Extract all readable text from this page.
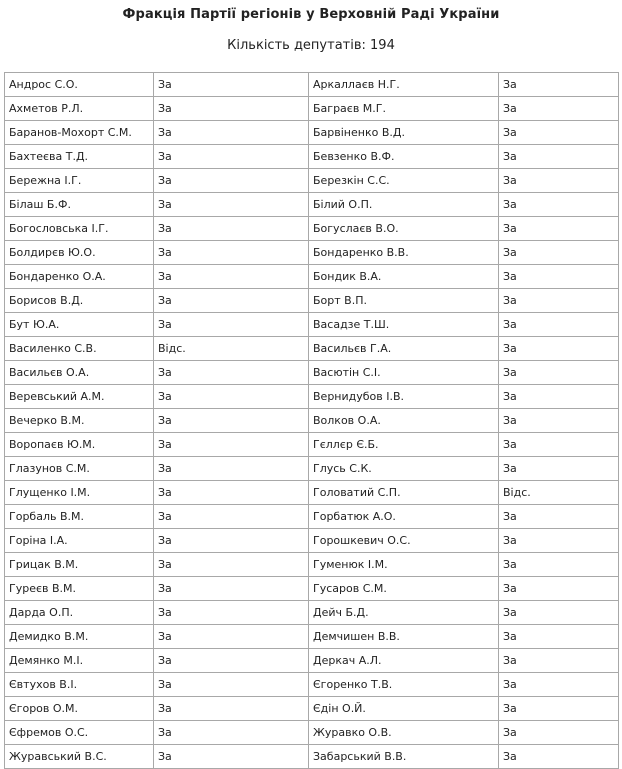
Фракція Партії регіонів у Верховній Раді України
Кількість депутатів: 194
Андрос С.О.	За	Аркаллаєв Н.Г.	За
Ахметов Р.Л.	За	Баграєв М.Г.	За
Баранов-Мохорт С.М.	За	Барвіненко В.Д.	За
Бахтеєва Т.Д.	За	Бевзенко В.Ф.	За
Бережна І.Г.	За	Березкін С.С.	За
Білаш Б.Ф.	За	Білий О.П.	За
Богословська І.Г.	За	Богуслаєв В.О.	За
Болдирєв Ю.О.	За	Бондаренко В.В.	За
Бондаренко О.А.	За	Бондик В.А.	За
Борисов В.Д.	За	Борт В.П.	За
Бут Ю.А.	За	Васадзе Т.Ш.	За
Василенко С.В.	Відс.	Васильєв Г.А.	За
Васильєв О.А.	За	Васютін С.І.	За
Веревський А.М.	За	Вернидубов І.В.	За
Вечерко В.М.	За	Волков О.А.	За
Воропаєв Ю.М.	За	Гєллєр Є.Б.	За
Глазунов С.М.	За	Глусь С.К.	За
Глущенко І.М.	За	Головатий С.П.	Відс.
Горбаль В.М.	За	Горбатюк А.О.	За
Горіна І.А.	За	Горошкевич О.С.	За
Грицак В.М.	За	Гуменюк І.М.	За
Гуреєв В.М.	За	Гусаров С.М.	За
Дарда О.П.	За	Дейч Б.Д.	За
Демидко В.М.	За	Демчишен В.В.	За
Демянко М.І.	За	Деркач А.Л.	За
Євтухов В.І.	За	Єгоренко Т.В.	За
Єгоров О.М.	За	Єдін О.Й.	За
Єфремов О.С.	За	Журавко О.В.	За
Журавський В.С.	За	Забарський В.В.	За
